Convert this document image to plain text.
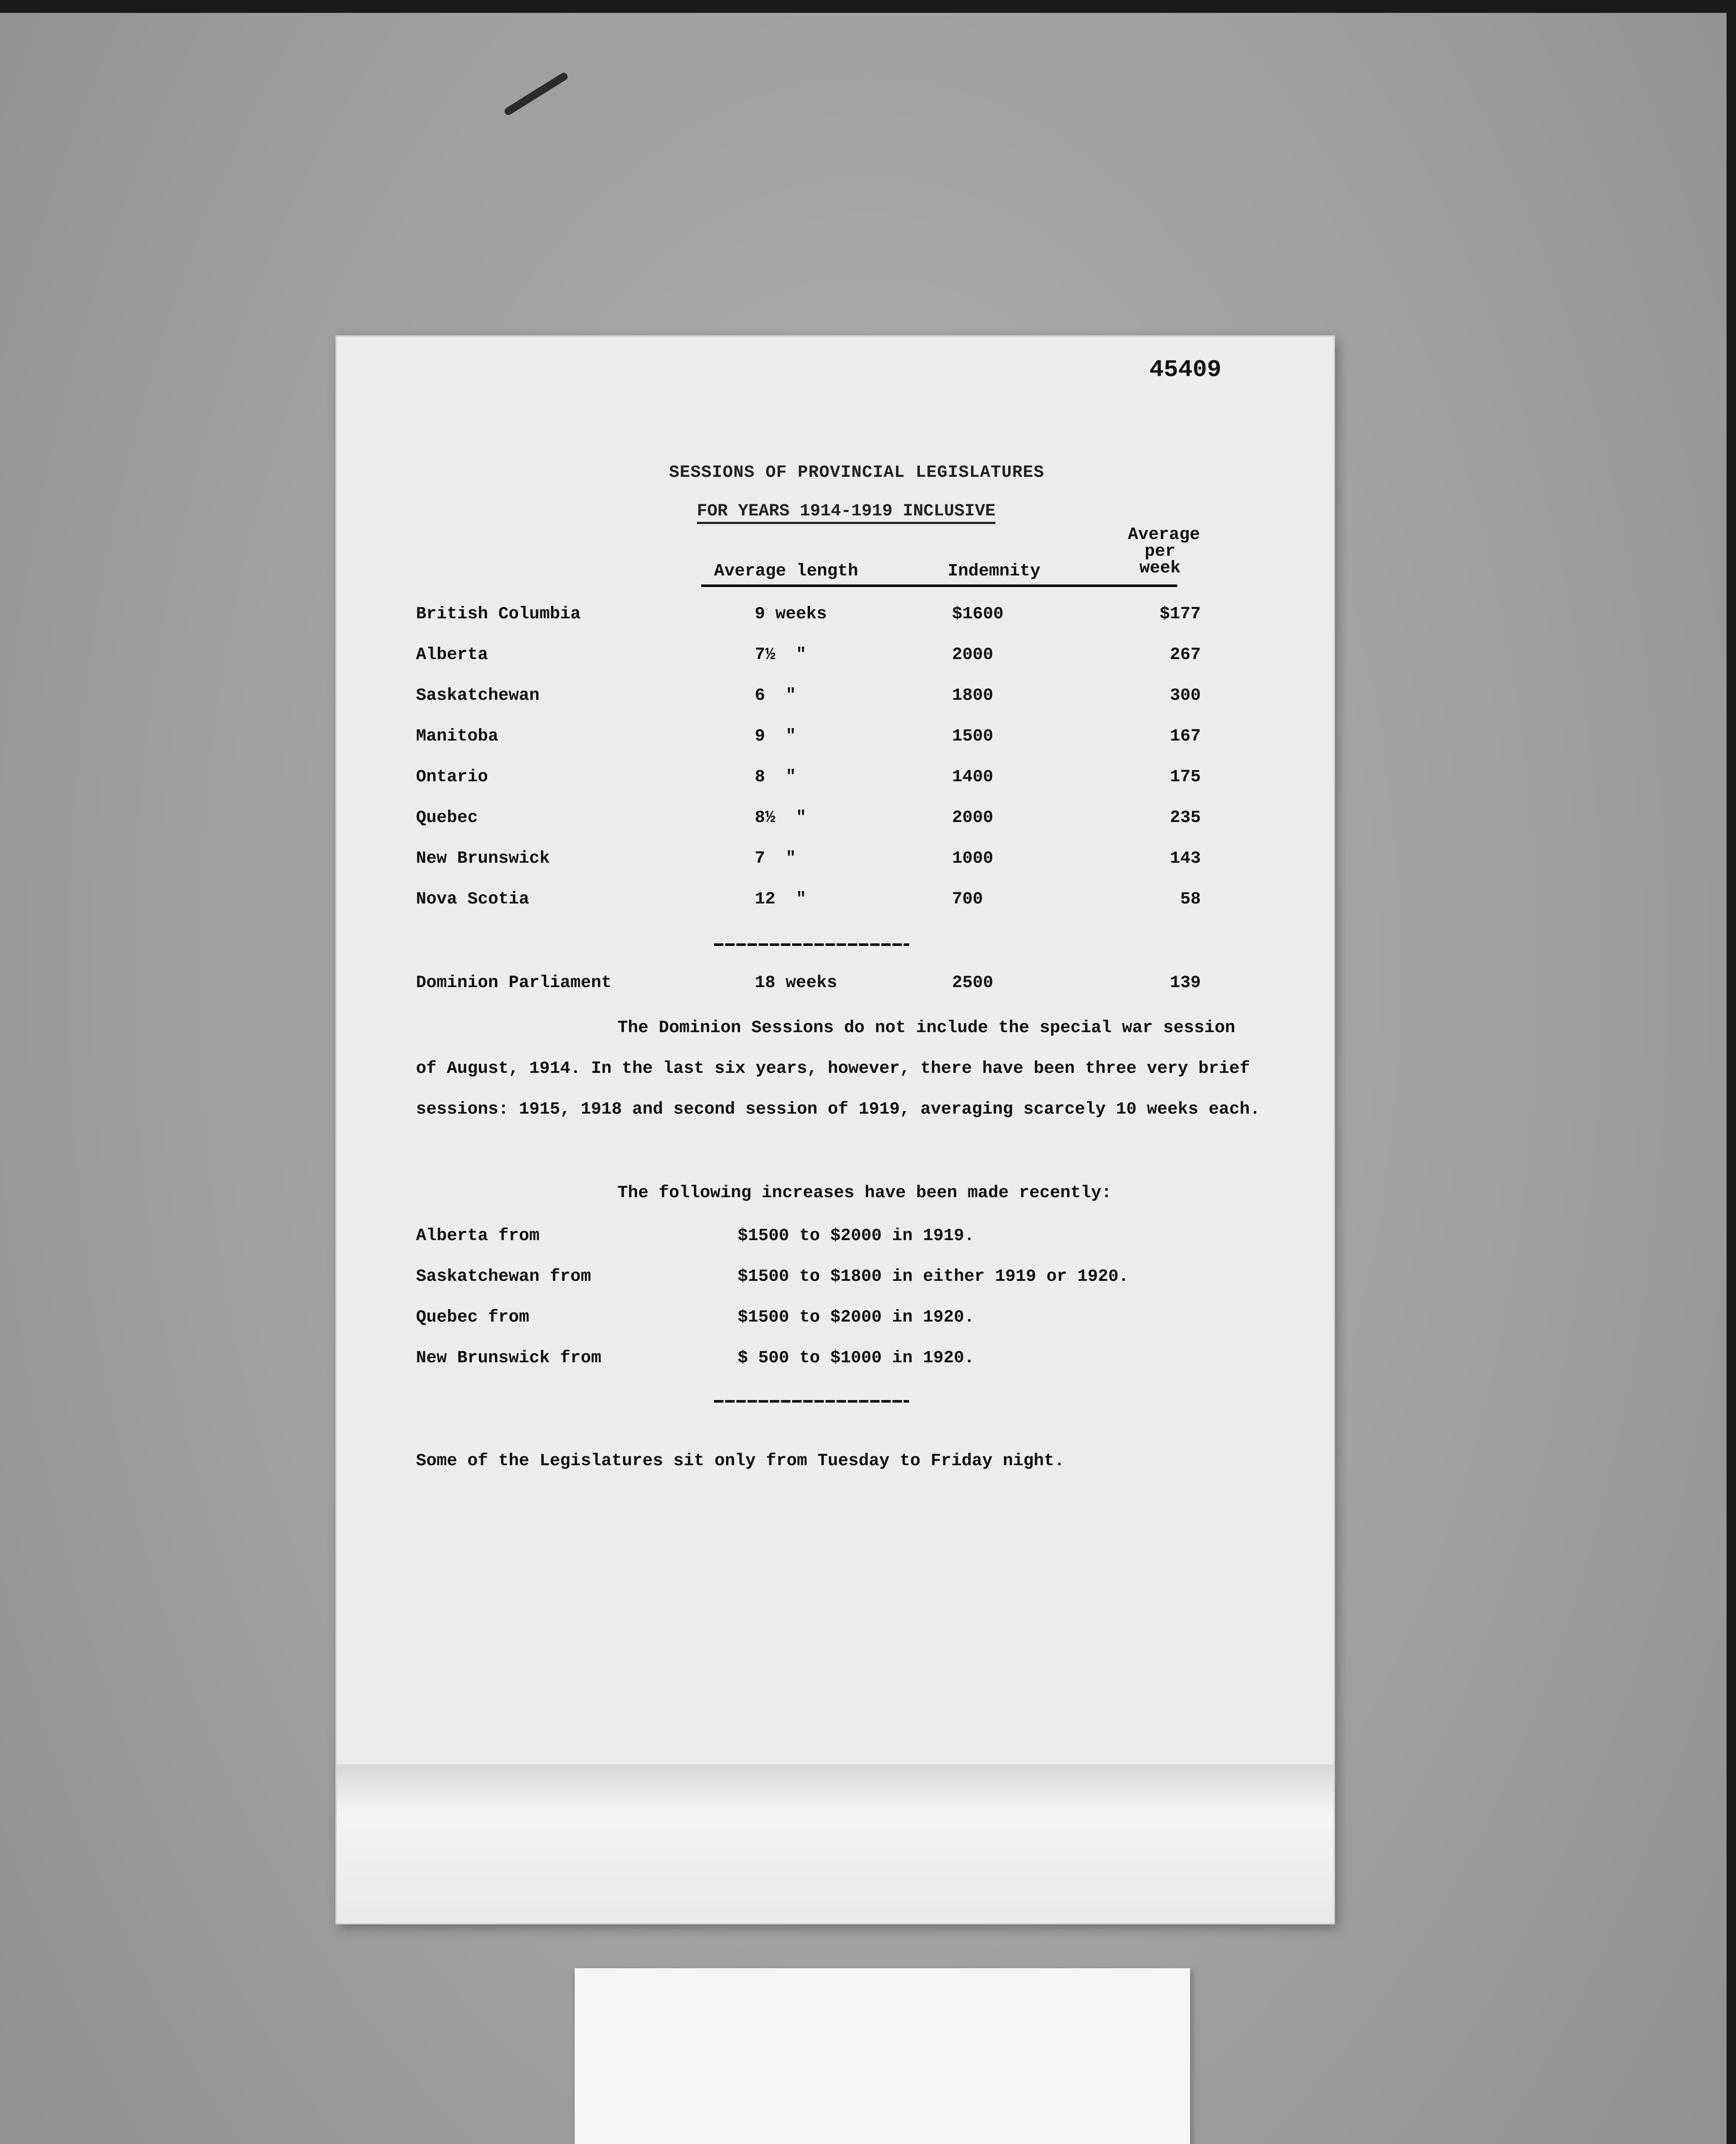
45409
SESSIONS OF PROVINCIAL LEGISLATURES
FOR YEARS 1914-1919 INCLUSIVE
Average length	Indemnity
Average
per
week
British Columbia	9 weeks	$1600	$177
Alberta	7½  "	2000	267
Saskatchewan	6  "	1800	300
Manitoba	9  "	1500	167
Ontario	8  "	1400	175
Quebec	8½  "	2000	235
New Brunswick	7  "	1000	143
Nova Scotia	12  "	700	58
Dominion Parliament	18 weeks	2500	139
The Dominion Sessions do not include the special war session of August, 1914. In the last six years, however, there have been three very brief sessions: 1915, 1918 and second session of 1919, averaging scarcely 10 weeks each.
The following increases have been made recently:
Alberta from	$1500 to $2000 in 1919.
Saskatchewan from	$1500 to $1800 in either 1919 or 1920.
Quebec from	$1500 to $2000 in 1920.
New Brunswick from	$ 500 to $1000 in 1920.
Some of the Legislatures sit only from Tuesday to Friday night.
